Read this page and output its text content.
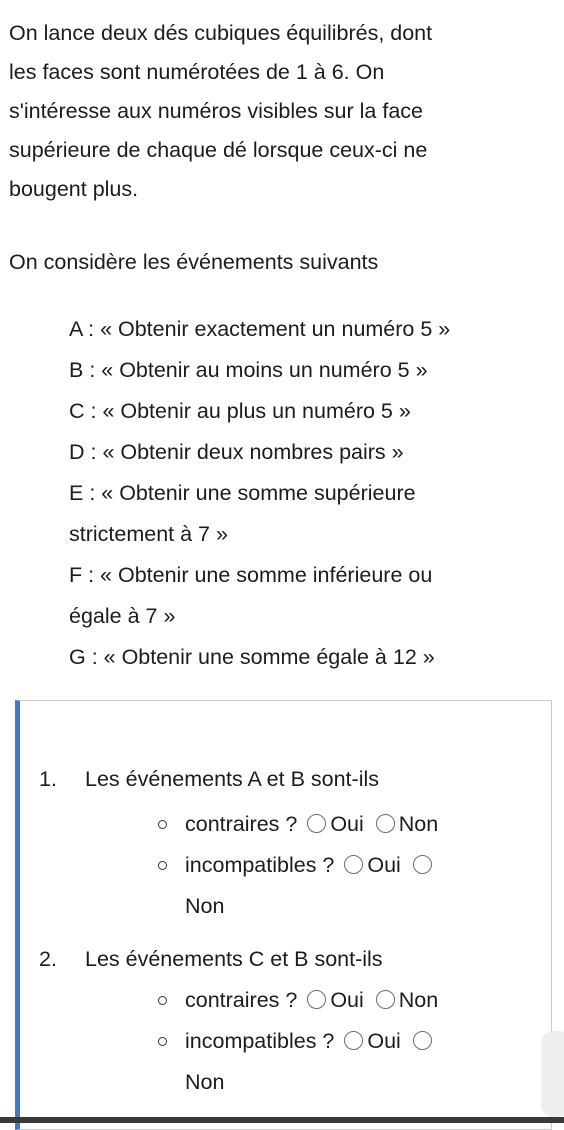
On lance deux dés cubiques équilibrés, dont
les faces sont numérotées de 1 à 6. On
s'intéresse aux numéros visibles sur la face
supérieure de chaque dé lorsque ceux-ci ne
bougent plus.

On considère les événements suivants

A : « Obtenir exactement un numéro 5 »
B : « Obtenir au moins un numéro 5 »
C : « Obtenir au plus un numéro 5 »
D : « Obtenir deux nombres pairs »
E : « Obtenir une somme supérieure
strictement à 7 »
F : « Obtenir une somme inférieure ou
égale à 7 »
G : « Obtenir une somme égale à 12 »
1. Les événements A et B sont-ils
contraires ? Oui Non
incompatibles ? Oui
Non
2. Les événements C et B sont-ils
contraires ? Oui Non
incompatibles ? Oui
Non
